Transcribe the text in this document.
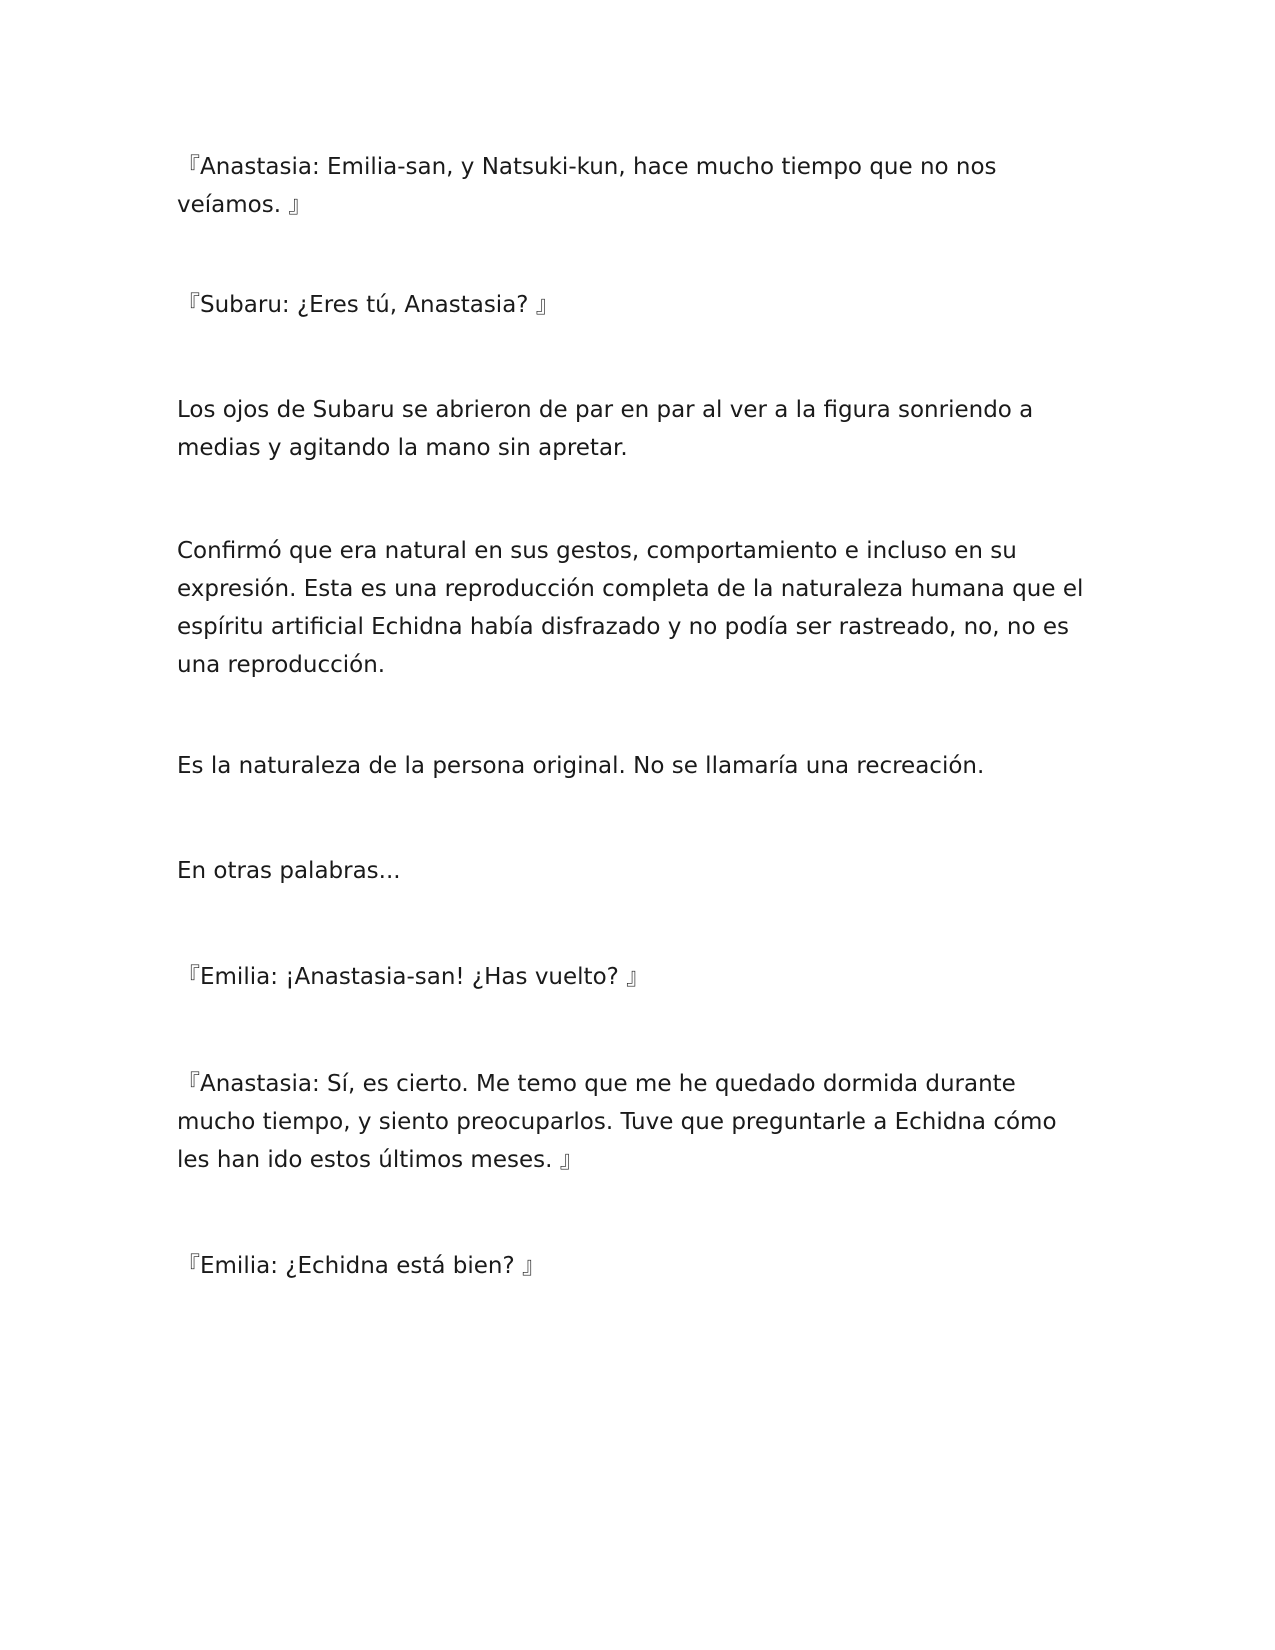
『Anastasia: Emilia-san, y Natsuki-kun, hace mucho tiempo que no nos veíamos. 』

『Subaru: ¿Eres tú, Anastasia? 』

Los ojos de Subaru se abrieron de par en par al ver a la figura sonriendo a medias y agitando la mano sin apretar.

Confirmó que era natural en sus gestos, comportamiento e incluso en su expresión. Esta es una reproducción completa de la naturaleza humana que el espíritu artificial Echidna había disfrazado y no podía ser rastreado, no, no es una reproducción.

Es la naturaleza de la persona original. No se llamaría una recreación.

En otras palabras...

『Emilia: ¡Anastasia-san! ¿Has vuelto? 』

『Anastasia: Sí, es cierto. Me temo que me he quedado dormida durante mucho tiempo, y siento preocuparlos. Tuve que preguntarle a Echidna cómo les han ido estos últimos meses. 』

『Emilia: ¿Echidna está bien? 』
